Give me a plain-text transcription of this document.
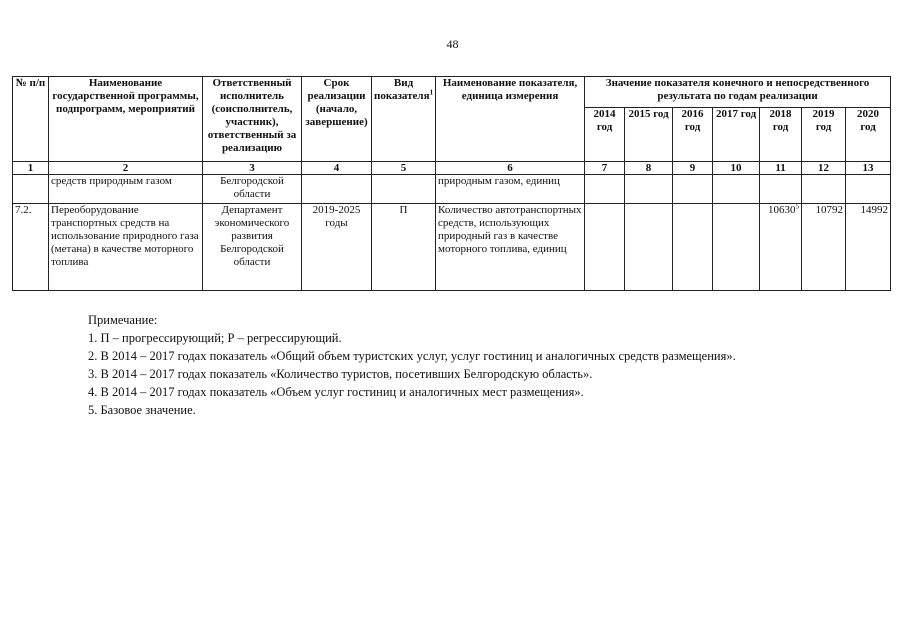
48
№ п/п	Наименование государственной программы, подпрограмм, мероприятий	Ответственный исполнитель (соисполнитель, участник), ответственный за реализацию	Срок реализации (начало, завершение)	Вид показателя$^1$	Наименование показателя, единица измерения	Значение показателя конечного и непосредственного результата по годам реализации						
						2014 год	2015 год	2016 год	2017 год	2018 год	2019 год	2020 год
1	2	3	4	5	6	7	8	9	10	11	12	13
	средств природным газом	Белгородской области			природным газом, единиц							
7.2.	Переоборудование транспортных средств на использование природного газа (метана) в качестве моторного топлива	Департамент экономического развития Белгородской области	2019-2025 годы	П	Количество автотранспортных средств, использующих природный газ в качестве моторного топлива, единиц					10630$^5$	10792	14992
Примечание:
1. П – прогрессирующий; Р – регрессирующий.
2. В 2014 – 2017 годах показатель «Общий объем туристских услуг, услуг гостиниц и аналогичных средств размещения».
3. В 2014 – 2017 годах показатель «Количество туристов, посетивших Белгородскую область».
4. В 2014 – 2017 годах показатель «Объем услуг гостиниц и аналогичных мест размещения».
5. Базовое значение.
